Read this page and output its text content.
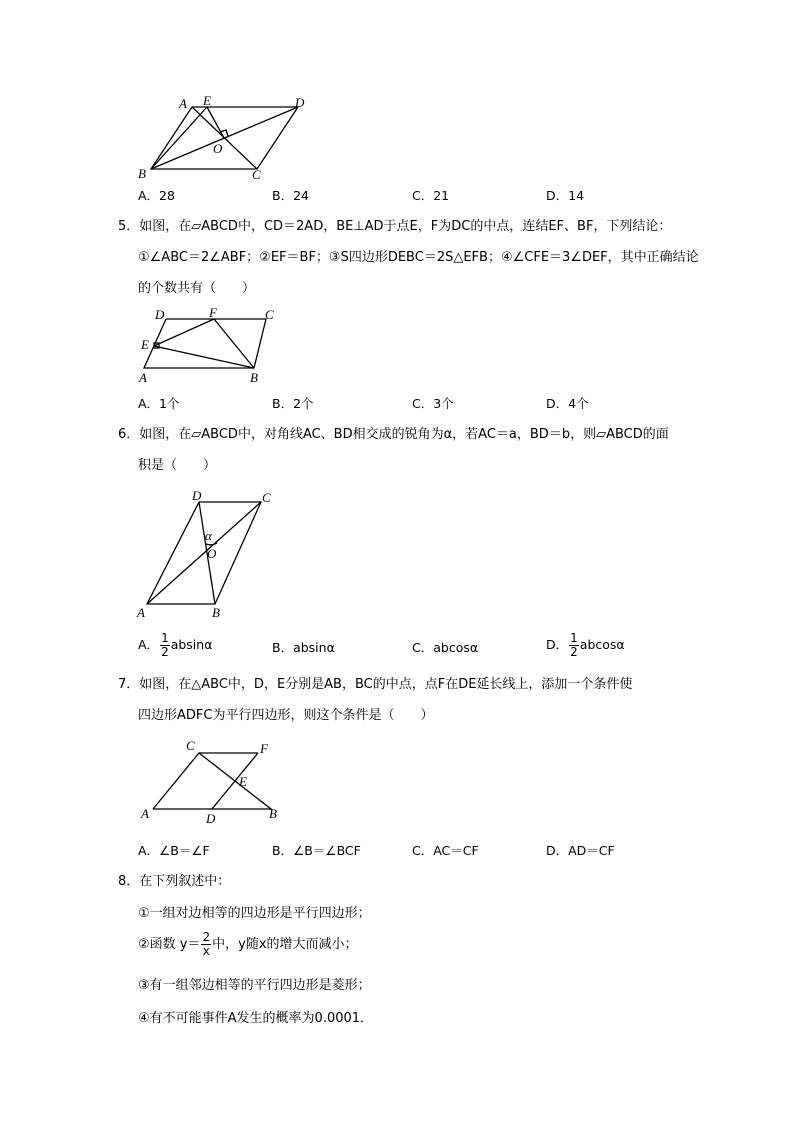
A E	D
O
B	C
A．28	B．24	C．21	D．14
5．如图，在▱ABCD中，CD＝2AD，BE⊥AD于点E，F为DC的中点，连结EF、BF，下列结论：
①∠ABC＝2∠ABF；②EF＝BF；③S四边形DEBC＝2S△EFB；④∠CFE＝3∠DEF，其中正确结论
的个数共有（　　）
D	F	C
E
A	B
A．1个	B．2个	C．3个	D．4个
6．如图，在▱ABCD中，对角线AC、BD相交成的锐角为α，若AC＝a，BD＝b，则▱ABCD的面
积是（　　）
D	C
α
O
A	B
A． $\frac{1}{2}$ absinα	B．absinα	C．abcosα	D． $\frac{1}{2}$ abcosα
7．如图，在△ABC中，D，E分别是AB，BC的中点，点F在DE延长线上，添加一个条件使
四边形ADFC为平行四边形，则这个条件是（　　）
C	F
E
A	D	B
A．∠B＝∠F	B．∠B＝∠BCF	C．AC＝CF	D．AD＝CF
8．在下列叙述中：
①一组对边相等的四边形是平行四边形；
②函数 $y= \frac{2}{x}$ 中，y随x的增大而减小；
③有一组邻边相等的平行四边形是菱形；
④有不可能事件A发生的概率为0.0001．
